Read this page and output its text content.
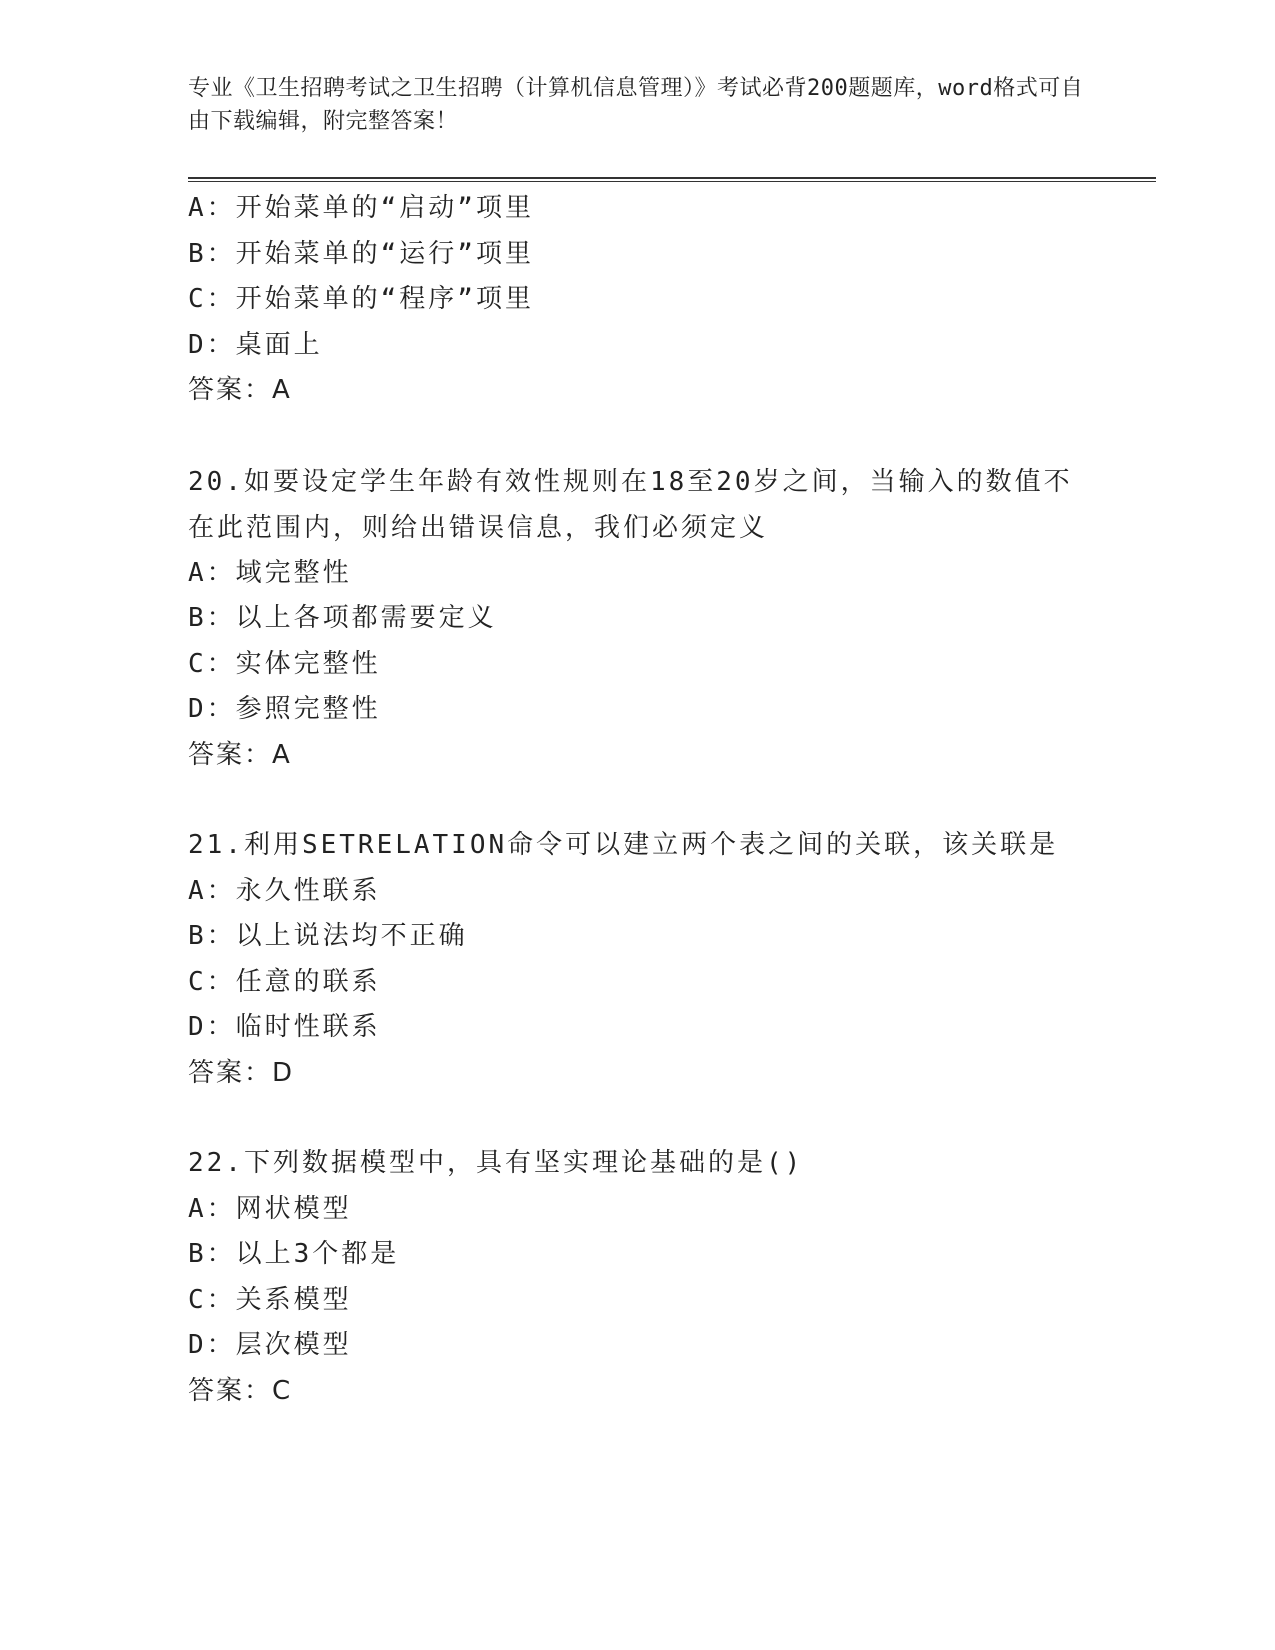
专业《卫生招聘考试之卫生招聘（计算机信息管理）》考试必背200题题库，word格式可自由下载编辑，附完整答案！
A：开始菜单的“启动”项里
B：开始菜单的“运行”项里
C：开始菜单的“程序”项里
D：桌面上
答案：A
20.如要设定学生年龄有效性规则在18至20岁之间，当输入的数值不在此范围内，则给出错误信息，我们必须定义
A：域完整性
B：以上各项都需要定义
C：实体完整性
D：参照完整性
答案：A
21.利用SETRELATION命令可以建立两个表之间的关联，该关联是
A：永久性联系
B：以上说法均不正确
C：任意的联系
D：临时性联系
答案：D
22.下列数据模型中，具有坚实理论基础的是()
A：网状模型
B：以上3个都是
C：关系模型
D：层次模型
答案：C
